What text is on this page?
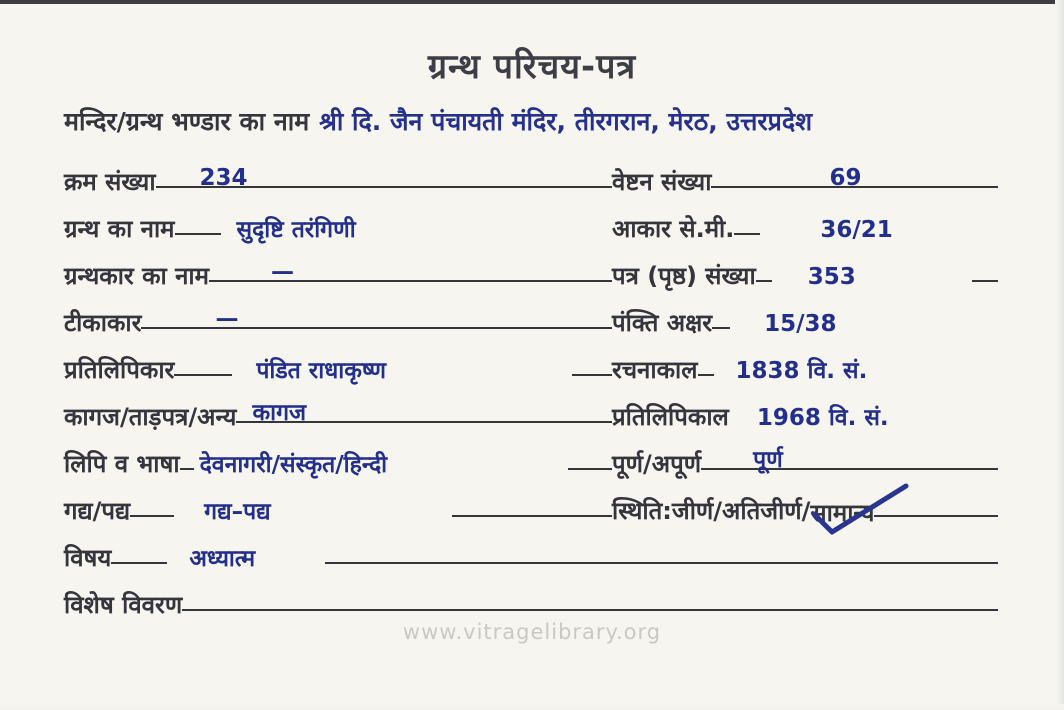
ग्रन्थ परिचय-पत्र
मन्दिर/ग्रन्थ भण्डार का नाम श्री दि. जैन पंचायती मंदिर, तीरगरान, मेरठ, उत्तरप्रदेश
क्रम संख्या 234	वेष्टन संख्या	69
ग्रन्थ का नाम	सुदृष्टि तरंगिणी	आकार से.मी.	36/21
ग्रन्थकार का नाम	—	पत्र (पृष्ठ) संख्या 353
टीकाकार	—	पंक्ति अक्षर 15/38
प्रतिलिपिकार	पंडित राधाकृष्ण	रचनाकाल 1838 वि. सं.
कागज/ताड़पत्र/अन्य कागज	प्रतिलिपिकाल 1968 वि. सं.
लिपि व भाषा देवनागरी/संस्कृत/हिन्दी	पूर्ण/अपूर्ण पूर्ण
गद्य/पद्य	गद्य–पद्य	स्थिति:जीर्ण/अतिजीर्ण/ सामान्य
विषय	अध्यात्म
विशेष विवरण
www.vitragelibrary.org
